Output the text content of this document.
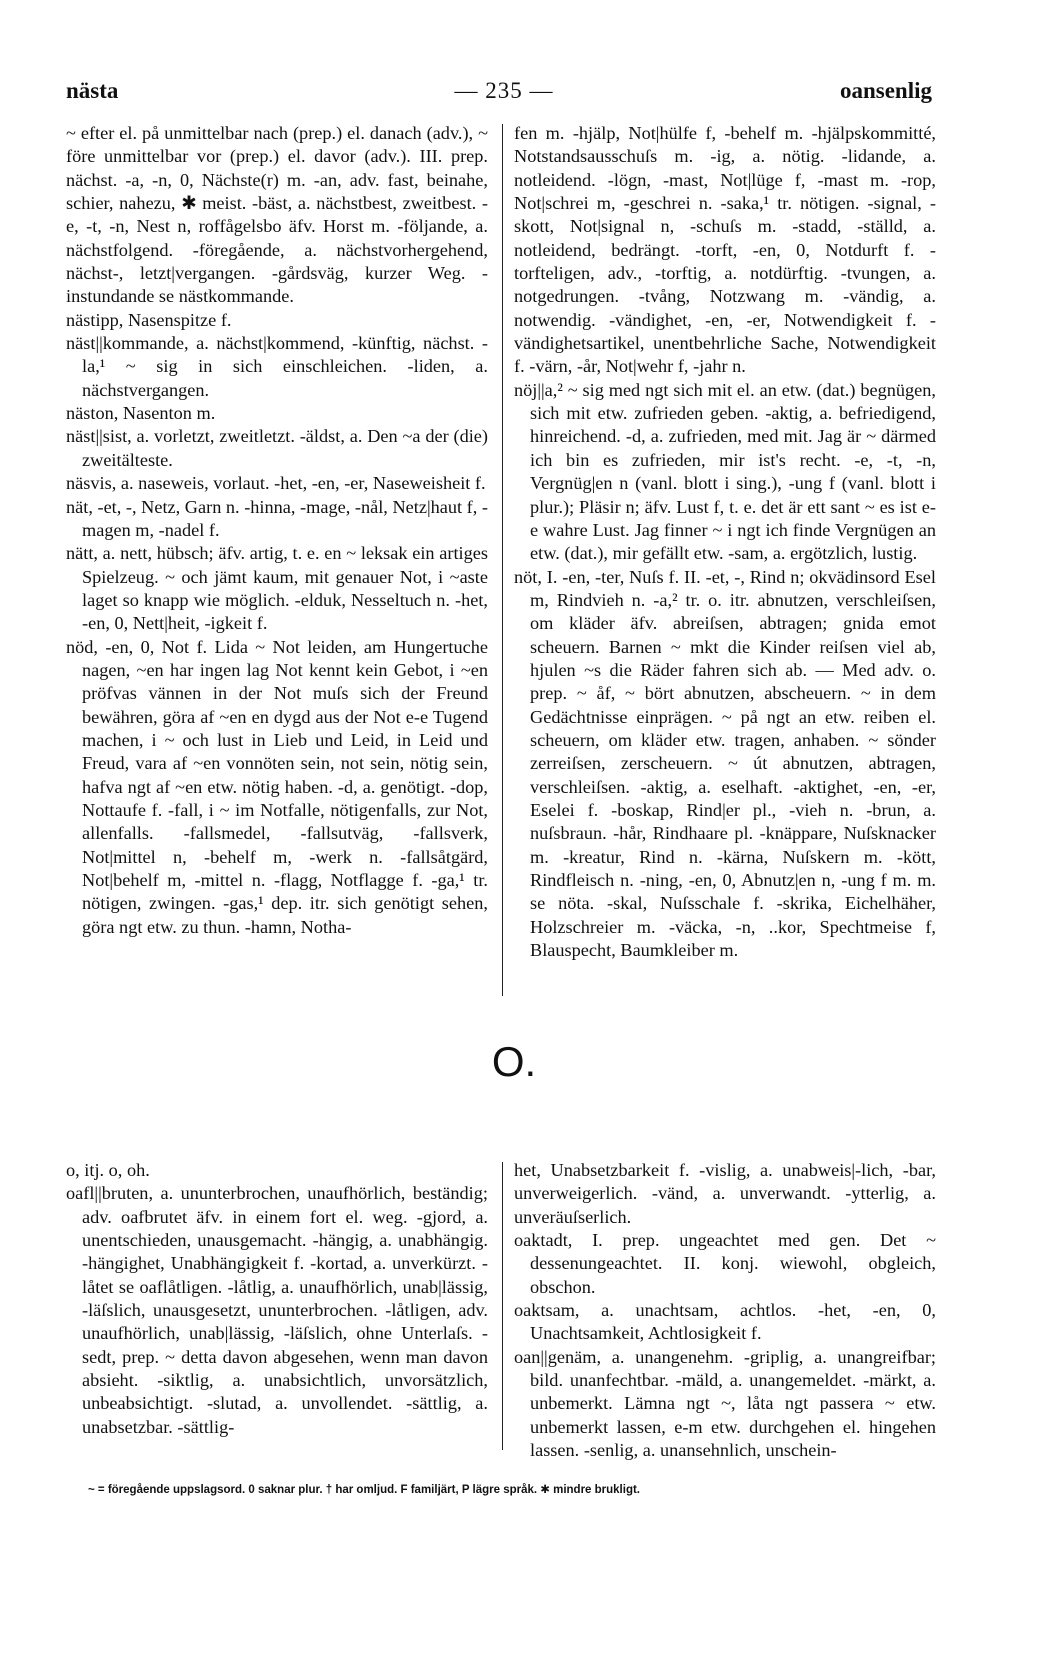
nästa	— 235 —	oansenlig

~ efter el. på unmittelbar nach (prep.) el. danach (adv.), ~ före unmittelbar vor (prep.) el. davor (adv.). III. prep. nächst. -a, -n, 0, Nächste(r) m. -an, adv. fast, beinahe, schier, nahezu, ✱ meist. -bäst, a. nächstbest, zweitbest. -e, -t, -n, Nest n, roffågelsbo äfv. Horst m. -följande, a. nächstfolgend. -föregående, a. nächstvorhergehend, nächst-, letzt|vergangen. -gårdsväg, kurzer Weg. -instundande se nästkommande.

nästipp, Nasenspitze f.

näst||kommande, a. nächst|kommend, -künftig, nächst. -la,¹ ~ sig in sich einschleichen. -liden, a. nächstvergangen.

näston, Nasenton m.

näst||sist, a. vorletzt, zweitletzt. -äldst, a. Den ~a der (die) zweitälteste.

näsvis, a. naseweis, vorlaut. -het, -en, -er, Naseweisheit f.

nät, -et, -, Netz, Garn n. -hinna, -mage, -nål, Netz|haut f, -magen m, -nadel f.

nätt, a. nett, hübsch; äfv. artig, t. e. en ~ leksak ein artiges Spielzeug. ~ och jämt kaum, mit genauer Not, i ~aste laget so knapp wie möglich. -elduk, Nesseltuch n. -het, -en, 0, Nett|heit, -igkeit f.

nöd, -en, 0, Not f. Lida ~ Not leiden, am Hungertuche nagen, ~en har ingen lag Not kennt kein Gebot, i ~en pröfvas vännen in der Not muſs sich der Freund bewähren, göra af ~en en dygd aus der Not e-e Tugend machen, i ~ och lust in Lieb und Leid, in Leid und Freud, vara af ~en vonnöten sein, not sein, nötig sein, hafva ngt af ~en etw. nötig haben. -d, a. genötigt. -dop, Nottaufe f. -fall, i ~ im Notfalle, nötigenfalls, zur Not, allenfalls. -fallsmedel, -fallsutväg, -fallsverk, Not|mittel n, -behelf m, -werk n. -fallsåtgärd, Not|behelf m, -mittel n. -flagg, Notflagge f. -ga,¹ tr. nötigen, zwingen. -gas,¹ dep. itr. sich genötigt sehen, göra ngt etw. zu thun. -hamn, Notha-

fen m. -hjälp, Not|hülfe f, -behelf m. -hjälpskommitté, Notstandsausschuſs m. -ig, a. nötig. -lidande, a. notleidend. -lögn, -mast, Not|lüge f, -mast m. -rop, Not|schrei m, -geschrei n. -saka,¹ tr. nötigen. -signal, -skott, Not|signal n, -schuſs m. -stadd, -ställd, a. notleidend, bedrängt. -torft, -en, 0, Notdurft f. -torfteligen, adv., -torftig, a. notdürftig. -tvungen, a. notgedrungen. -tvång, Notzwang m. -vändig, a. notwendig. -vändighet, -en, -er, Notwendigkeit f. -vändighetsartikel, unentbehrliche Sache, Notwendigkeit f. -värn, -år, Not|wehr f, -jahr n.

nöj||a,² ~ sig med ngt sich mit el. an etw. (dat.) begnügen, sich mit etw. zufrieden geben. -aktig, a. befriedigend, hinreichend. -d, a. zufrieden, med mit. Jag är ~ därmed ich bin es zufrieden, mir ist's recht. -e, -t, -n, Vergnüg|en n (vanl. blott i sing.), -ung f (vanl. blott i plur.); Pläsir n; äfv. Lust f, t. e. det är ett sant ~ es ist e-e wahre Lust. Jag finner ~ i ngt ich finde Vergnügen an etw. (dat.), mir gefällt etw. -sam, a. ergötzlich, lustig.

nöt, I. -en, -ter, Nuſs f. II. -et, -, Rind n; okvädinsord Esel m, Rindvieh n. -a,² tr. o. itr. abnutzen, verschleiſsen, om kläder äfv. abreiſsen, abtragen; gnida emot scheuern. Barnen ~ mkt die Kinder reiſsen viel ab, hjulen ~s die Räder fahren sich ab. — Med adv. o. prep. ~ åf, ~ bört abnutzen, abscheuern. ~ in dem Gedächtnisse einprägen. ~ på ngt an etw. reiben el. scheuern, om kläder etw. tragen, anhaben. ~ sönder zerreiſsen, zerscheuern. ~ út abnutzen, abtragen, verschleiſsen. -aktig, a. eselhaft. -aktighet, -en, -er, Eselei f. -boskap, Rind|er pl., -vieh n. -brun, a. nuſsbraun. -hår, Rindhaare pl. -knäppare, Nuſsknacker m. -kreatur, Rind n. -kärna, Nuſskern m. -kött, Rindfleisch n. -ning, -en, 0, Abnutz|en n, -ung f m. m. se nöta. -skal, Nuſsschale f. -skrika, Eichelhäher, Holzschreier m. -väcka, -n, ..kor, Spechtmeise f, Blauspecht, Baumkleiber m.

O.

o, itj. o, oh.

oafl||bruten, a. ununterbrochen, unaufhörlich, beständig; adv. oafbrutet äfv. in einem fort el. weg. -gjord, a. unentschieden, unausgemacht. -hängig, a. unabhängig. -hängighet, Unabhängigkeit f. -kortad, a. unverkürzt. -låtet se oaflåtligen. -låtlig, a. unaufhörlich, unab|lässig, -läſslich, unausgesetzt, ununterbrochen. -låtligen, adv. unaufhörlich, unab|lässig, -läſslich, ohne Unterlaſs. -sedt, prep. ~ detta davon abgesehen, wenn man davon absieht. -siktlig, a. unabsichtlich, unvorsätzlich, unbeabsichtigt. -slutad, a. unvollendet. -sättlig, a. unabsetzbar. -sättlig-

het, Unabsetzbarkeit f. -vislig, a. unabweis|-lich, -bar, unverweigerlich. -vänd, a. unverwandt. -ytterlig, a. unveräuſserlich.

oaktadt, I. prep. ungeachtet med gen. Det ~ dessenungeachtet. II. konj. wiewohl, obgleich, obschon.

oaktsam, a. unachtsam, achtlos. -het, -en, 0, Unachtsamkeit, Achtlosigkeit f.

oan||genäm, a. unangenehm. -griplig, a. unangreifbar; bild. unanfechtbar. -mäld, a. unangemeldet. -märkt, a. unbemerkt. Lämna ngt ~, låta ngt passera ~ etw. unbemerkt lassen, e-m etw. durchgehen el. hingehen lassen. -senlig, a. unansehnlich, unschein-

~ = föregående uppslagsord. 0 saknar plur. † har omljud. F familjärt, P lägre språk. ✱ mindre brukligt.
